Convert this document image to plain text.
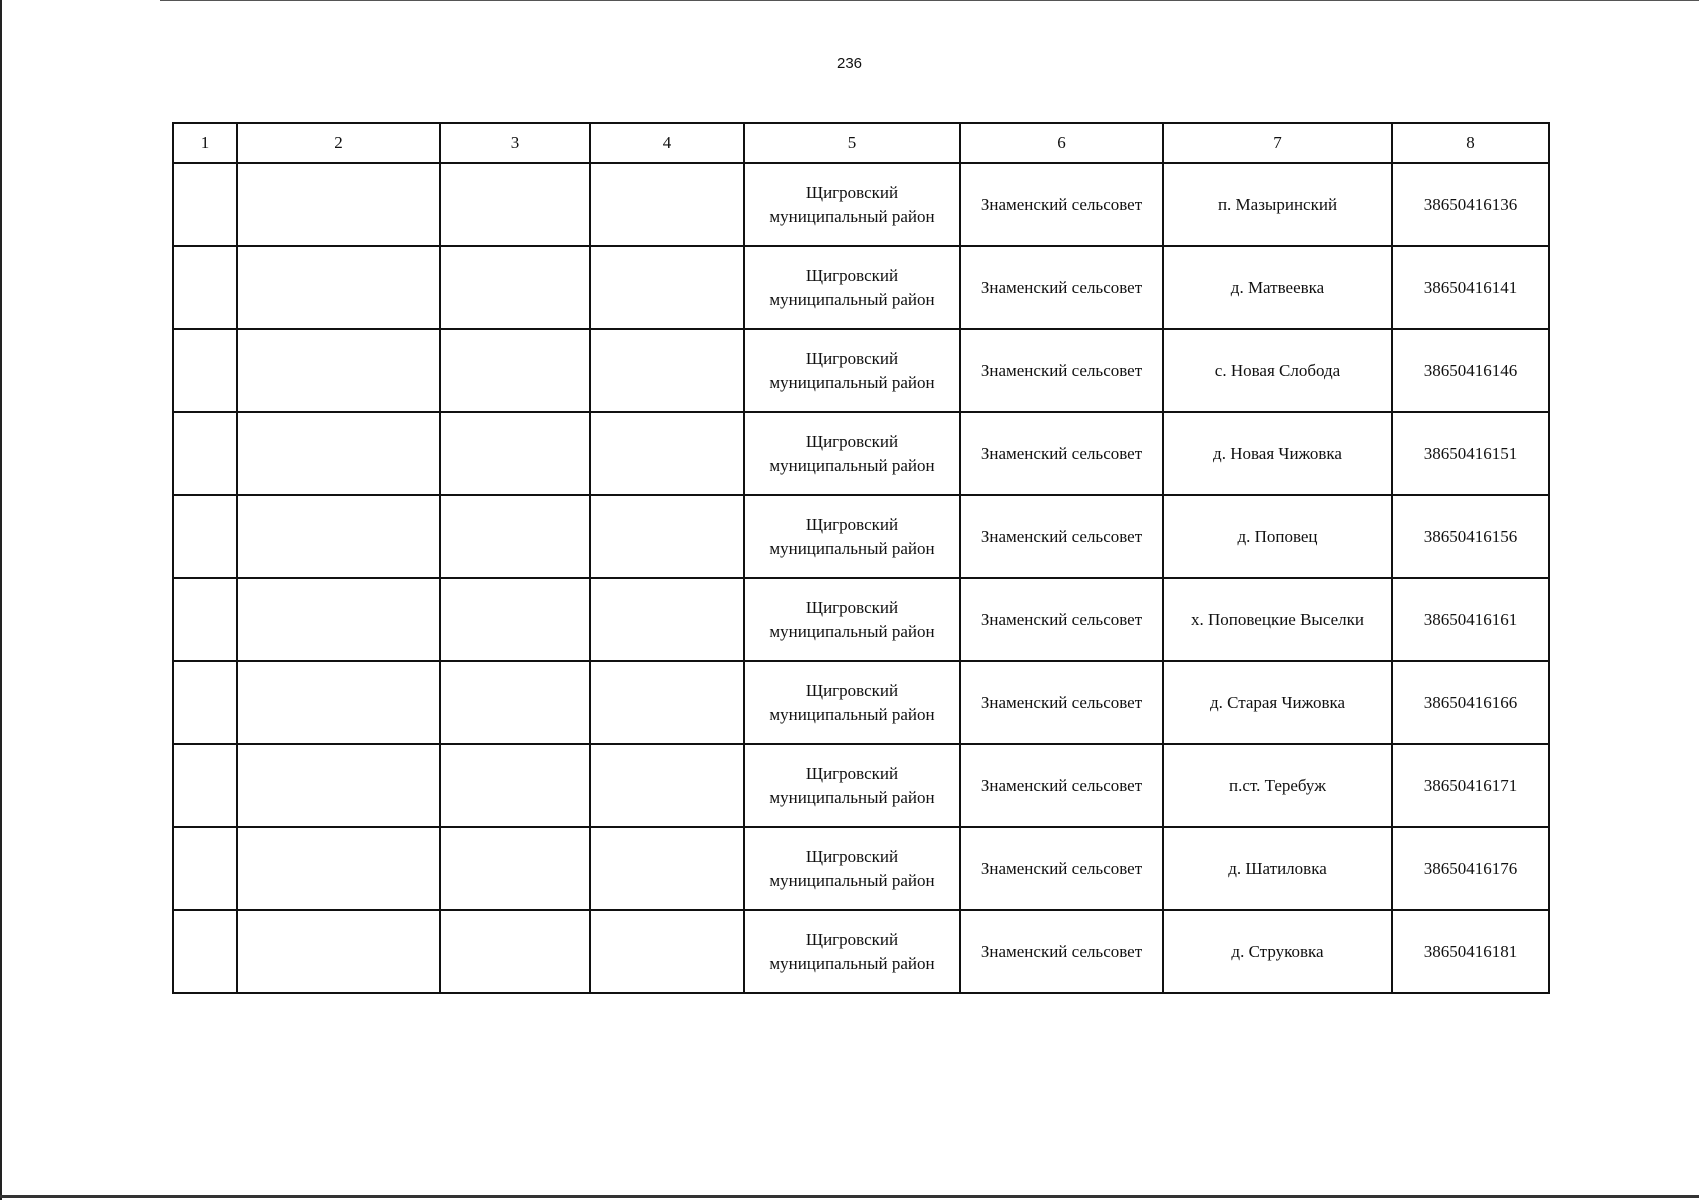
236
1	2	3	4	5	6	7	8

				Щигровский
муниципальный район	Знаменский сельсовет	п. Мазыринский	38650416136

				Щигровский
муниципальный район	Знаменский сельсовет	д. Матвеевка	38650416141

				Щигровский
муниципальный район	Знаменский сельсовет	с. Новая Слобода	38650416146

				Щигровский
муниципальный район	Знаменский сельсовет	д. Новая Чижовка	38650416151

				Щигровский
муниципальный район	Знаменский сельсовет	д. Поповец	38650416156

				Щигровский
муниципальный район	Знаменский сельсовет	х. Поповецкие Выселки	38650416161

				Щигровский
муниципальный район	Знаменский сельсовет	д. Старая Чижовка	38650416166

				Щигровский
муниципальный район	Знаменский сельсовет	п.ст. Теребуж	38650416171

				Щигровский
муниципальный район	Знаменский сельсовет	д. Шатиловка	38650416176

				Щигровский
муниципальный район	Знаменский сельсовет	д. Струковка	38650416181
